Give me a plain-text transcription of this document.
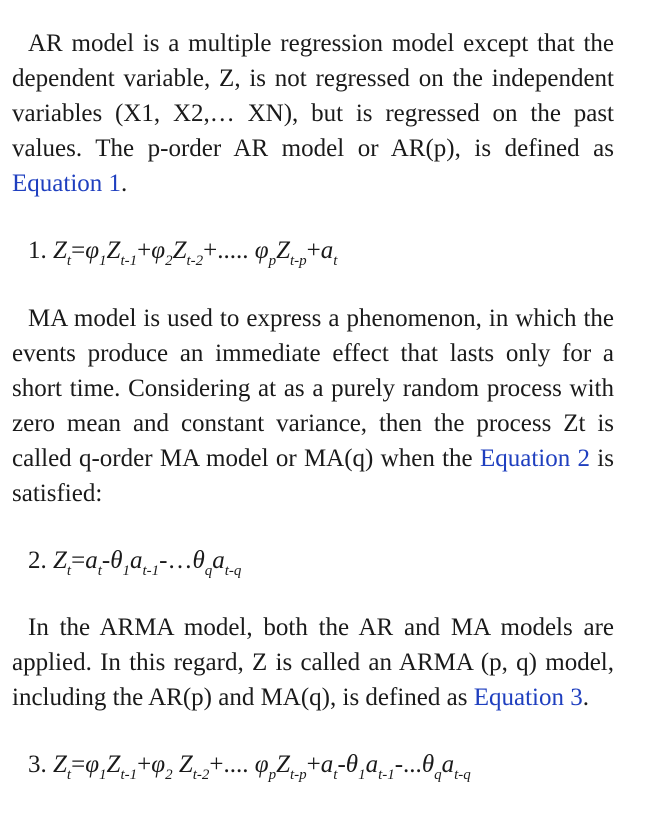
AR model is a multiple regression model except that the dependent variable, Z, is not regressed on the independent variables (X1, X2,… XN), but is regressed on the past values. The p-order AR model or AR(p), is defined as Equation 1.

1. $Z_t=\varphi_1Z_{t-1}+\varphi_2Z_{t-2}+$..... $\varphi_pZ_{t-p}+a_t$

MA model is used to express a phenomenon, in which the events produce an immediate effect that lasts only for a short time. Considering at as a purely random process with zero mean and constant variance, then the process Zt is called q-order MA model or MA(q) when the Equation 2 is satisfied:

2. $Z_t=a_t-\theta_1a_{t-1}-\dots\theta_qa_{t-q}$

In the ARMA model, both the AR and MA models are applied. In this regard, Z is called an ARMA (p, q) model, including the AR(p) and MA(q), is defined as Equation 3.

3. $Z_t=\varphi_1Z_{t-1}+\varphi_2$ $Z_{t-2}+$.... $\varphi_pZ_{t-p}+a_t-\theta_1a_{t-1}-...\theta_qa_{t-q}$
